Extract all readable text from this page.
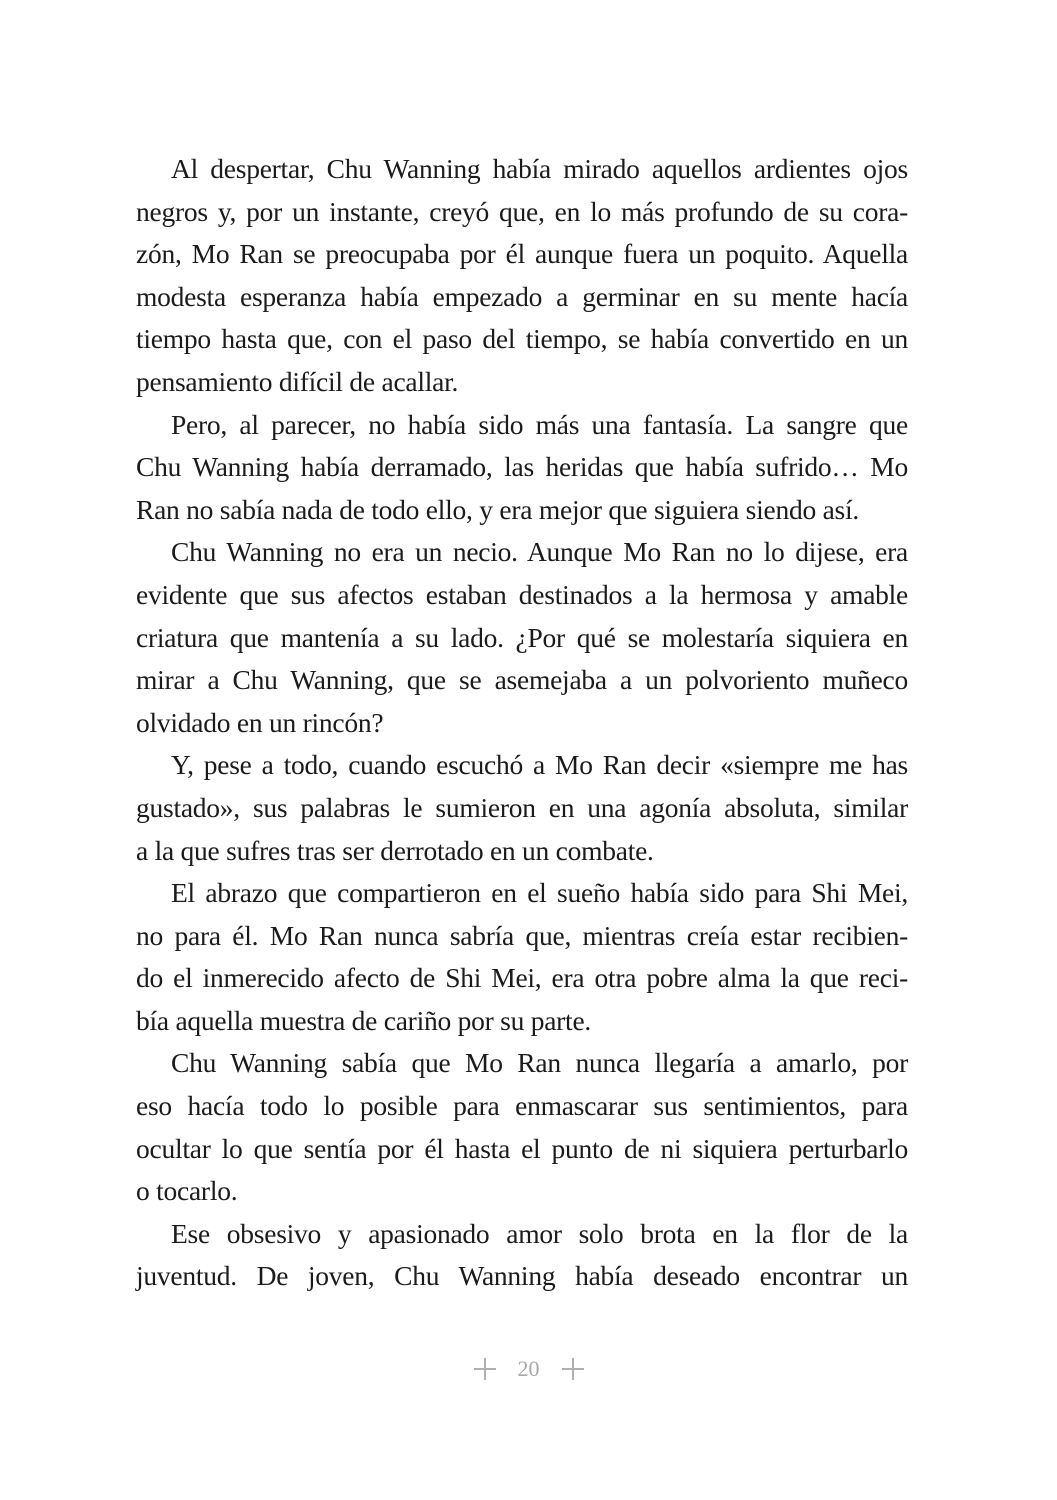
Al despertar, Chu Wanning había mirado aquellos ardientes ojos
negros y, por un instante, creyó que, en lo más profundo de su cora-
zón, Mo Ran se preocupaba por él aunque fuera un poquito. Aquella
modesta esperanza había empezado a germinar en su mente hacía
tiempo hasta que, con el paso del tiempo, se había convertido en un
pensamiento difícil de acallar.
Pero, al parecer, no había sido más una fantasía. La sangre que
Chu Wanning había derramado, las heridas que había sufrido… Mo
Ran no sabía nada de todo ello, y era mejor que siguiera siendo así.
Chu Wanning no era un necio. Aunque Mo Ran no lo dijese, era
evidente que sus afectos estaban destinados a la hermosa y amable
criatura que mantenía a su lado. ¿Por qué se molestaría siquiera en
mirar a Chu Wanning, que se asemejaba a un polvoriento muñeco
olvidado en un rincón?
Y, pese a todo, cuando escuchó a Mo Ran decir «siempre me has
gustado», sus palabras le sumieron en una agonía absoluta, similar
a la que sufres tras ser derrotado en un combate.
El abrazo que compartieron en el sueño había sido para Shi Mei,
no para él. Mo Ran nunca sabría que, mientras creía estar recibien-
do el inmerecido afecto de Shi Mei, era otra pobre alma la que reci-
bía aquella muestra de cariño por su parte.
Chu Wanning sabía que Mo Ran nunca llegaría a amarlo, por
eso hacía todo lo posible para enmascarar sus sentimientos, para
ocultar lo que sentía por él hasta el punto de ni siquiera perturbarlo
o tocarlo.
Ese obsesivo y apasionado amor solo brota en la flor de la
juventud. De joven, Chu Wanning había deseado encontrar un
20
